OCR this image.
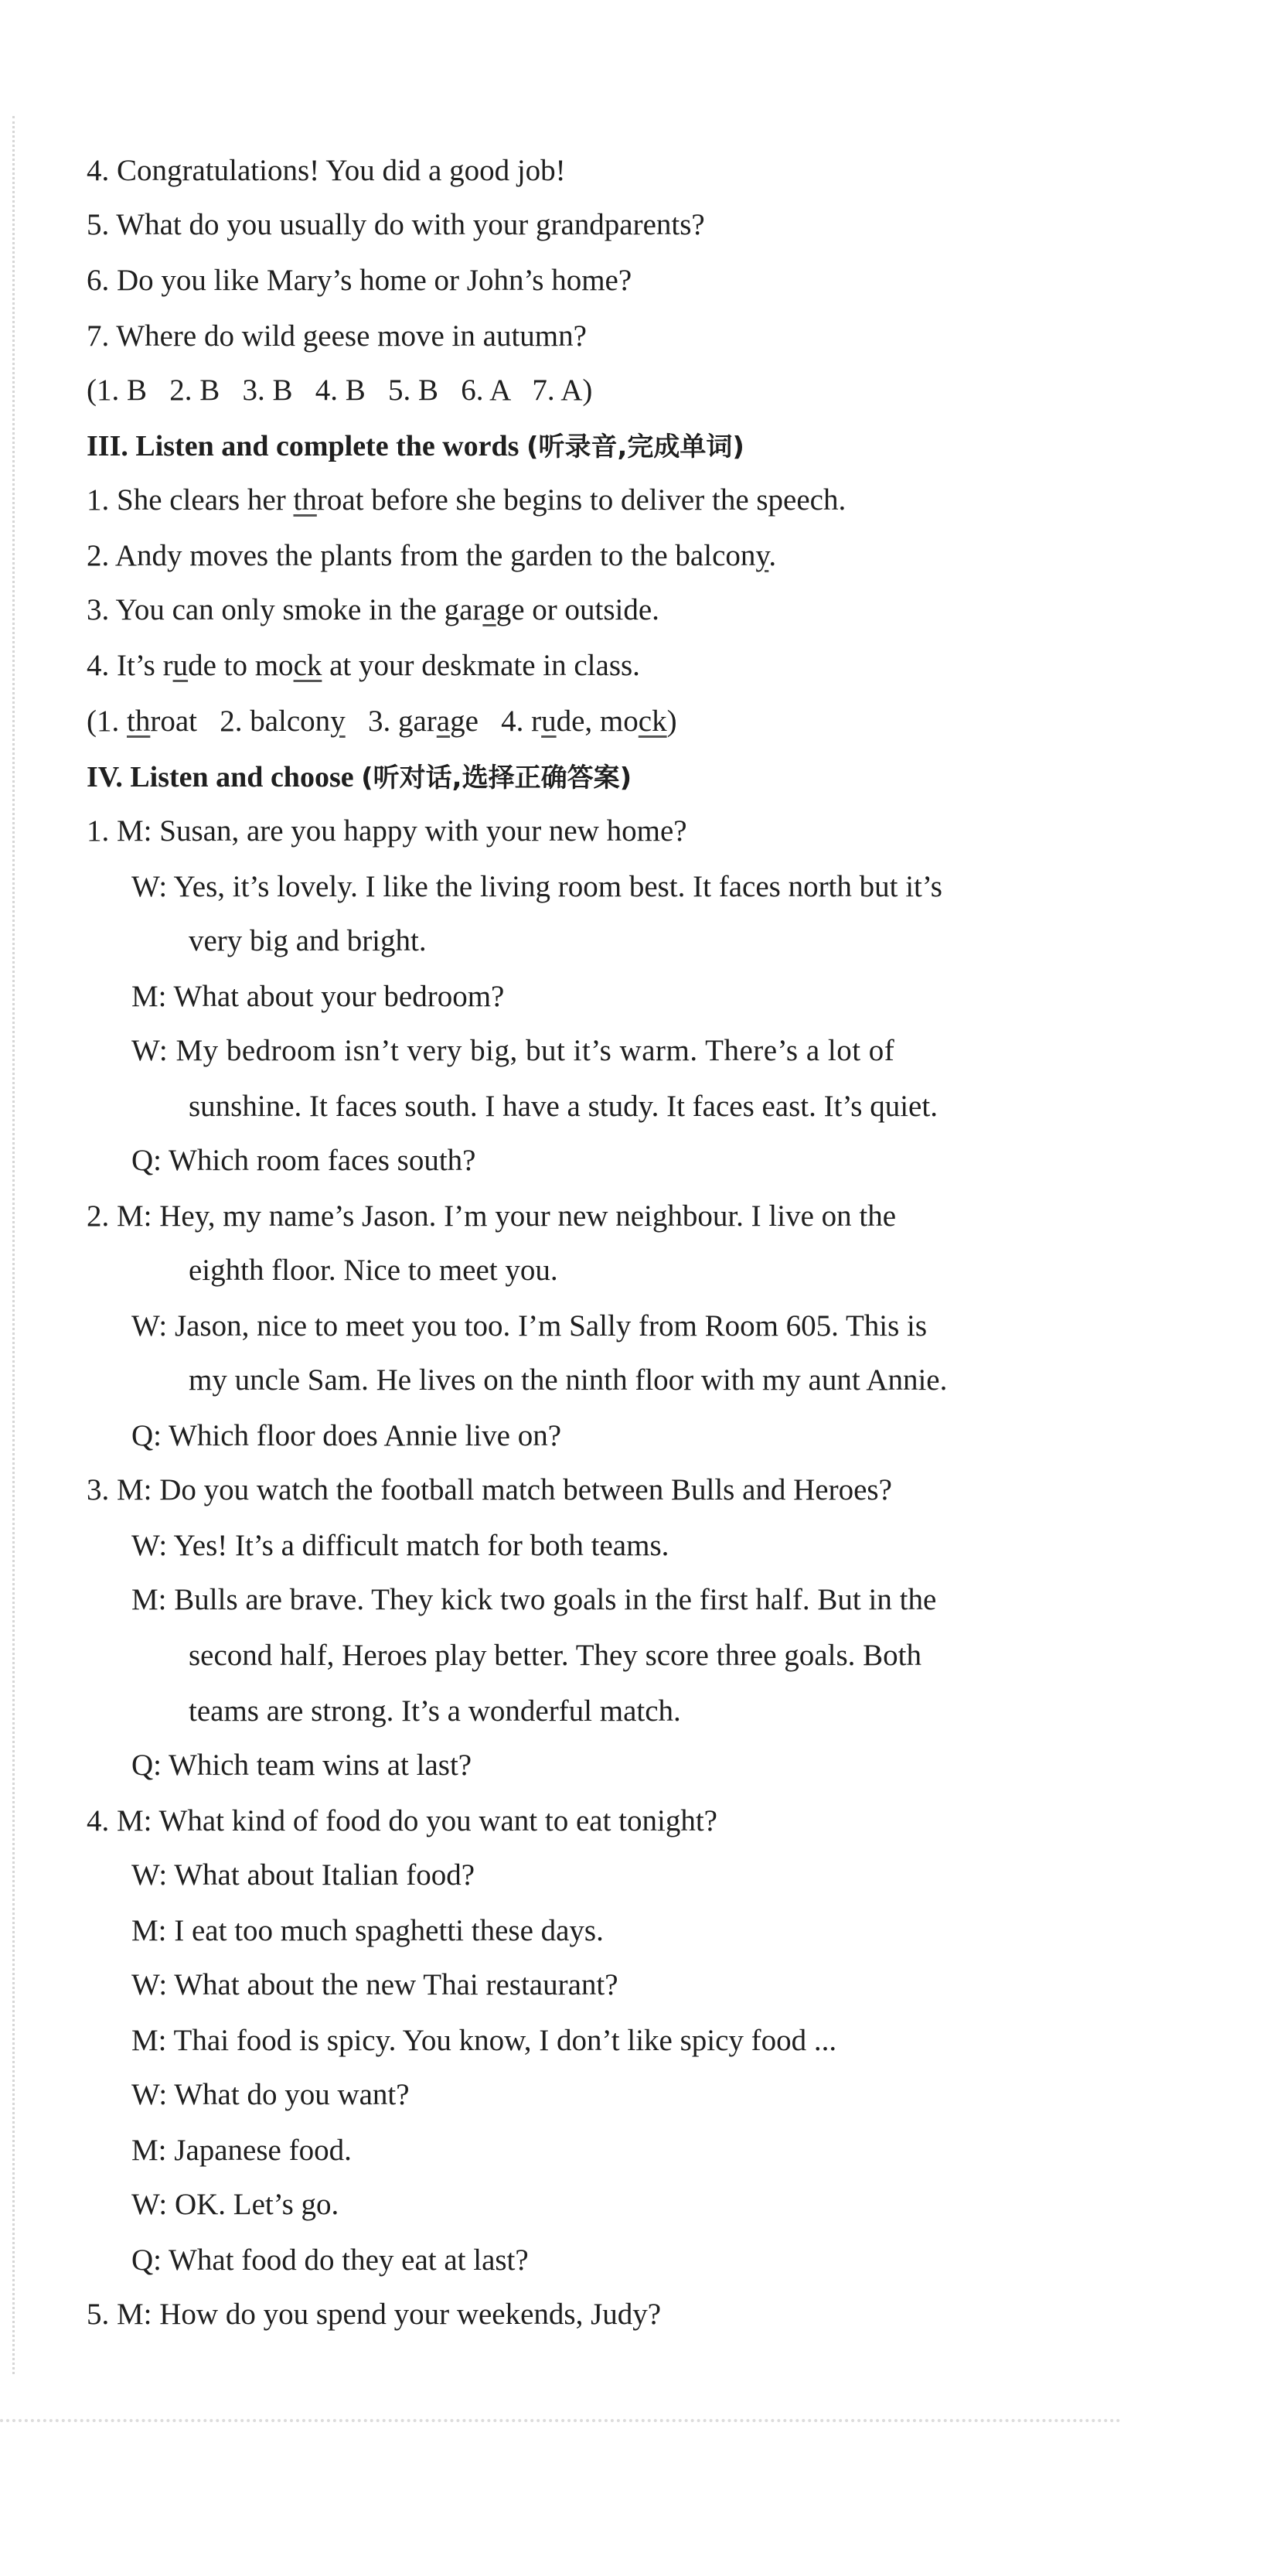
4. Congratulations! You did a good job!
5. What do you usually do with your grandparents?
6. Do you like Mary’s home or John’s home?
7. Where do wild geese move in autumn?
(1. B   2. B   3. B   4. B   5. B   6. A   7. A)
III. Listen and complete the words (听录音,完成单词)
1. She clears her throat before she begins to deliver the speech.
2. Andy moves the plants from the garden to the balcony.
3. You can only smoke in the garage or outside.
4. It’s rude to mock at your deskmate in class.
(1. throat   2. balcony   3. garage   4. rude, mock)
IV. Listen and choose (听对话,选择正确答案)
1. M: Susan, are you happy with your new home?
W: Yes, it’s lovely. I like the living room best. It faces north but it’s
very big and bright.
M: What about your bedroom?
W: My bedroom isn’t very big, but it’s warm. There’s a lot of
sunshine. It faces south. I have a study. It faces east. It’s quiet.
Q: Which room faces south?
2. M: Hey, my name’s Jason. I’m your new neighbour. I live on the
eighth floor. Nice to meet you.
W: Jason, nice to meet you too. I’m Sally from Room 605. This is
my uncle Sam. He lives on the ninth floor with my aunt Annie.
Q: Which floor does Annie live on?
3. M: Do you watch the football match between Bulls and Heroes?
W: Yes! It’s a difficult match for both teams.
M: Bulls are brave. They kick two goals in the first half. But in the
second half, Heroes play better. They score three goals. Both
teams are strong. It’s a wonderful match.
Q: Which team wins at last?
4. M: What kind of food do you want to eat tonight?
W: What about Italian food?
M: I eat too much spaghetti these days.
W: What about the new Thai restaurant?
M: Thai food is spicy. You know, I don’t like spicy food ...
W: What do you want?
M: Japanese food.
W: OK. Let’s go.
Q: What food do they eat at last?
5. M: How do you spend your weekends, Judy?
